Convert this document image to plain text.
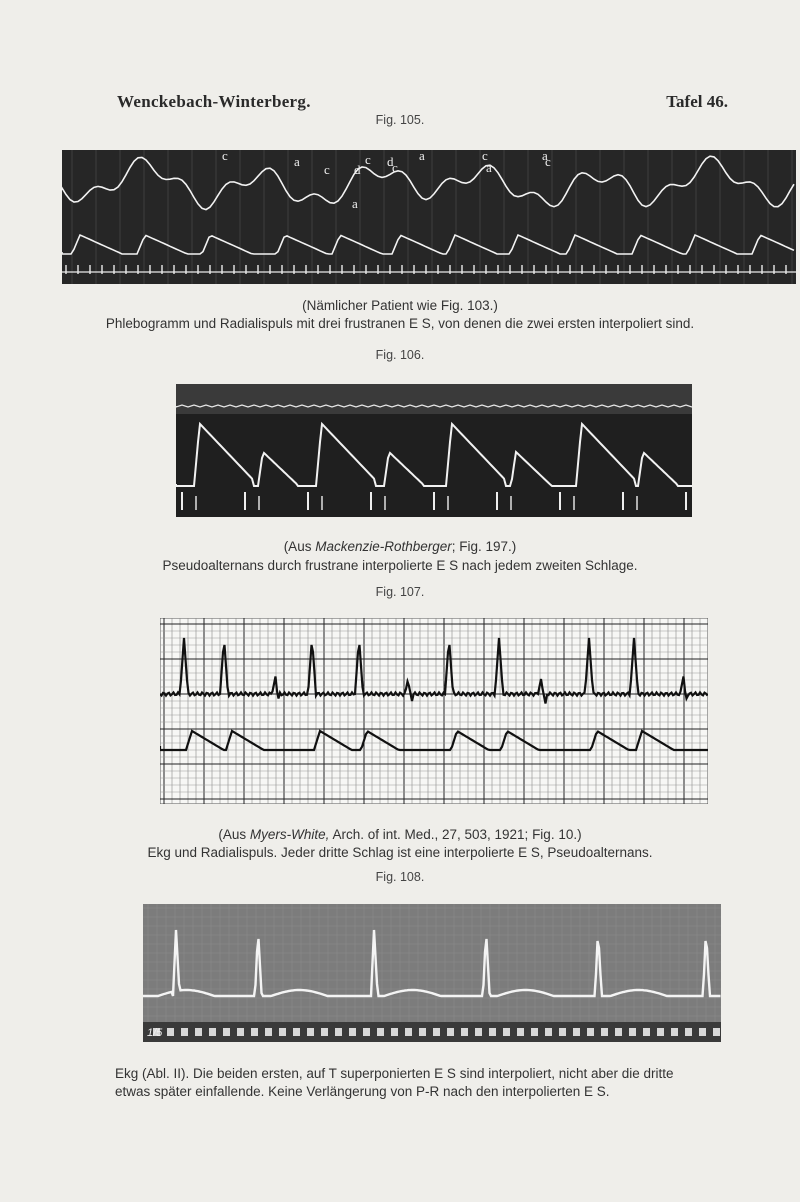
Wenckebach-Winterberg.	Tafel 46.
Fig. 105.
c	a
c d
c
a
d a
c
c
a
a
c
(Nämlicher Patient wie Fig. 103.)
Phlebogramm und Radialispuls mit drei frustranen E S, von denen die zwei ersten interpoliert sind.
Fig. 106.
(Aus Mackenzie-Rothberger; Fig. 197.)
Pseudoalternans durch frustrane interpolierte E S nach jedem zweiten Schlage.
Fig. 107.
(Aus Myers-White, Arch. of int. Med., 27, 503, 1921; Fig. 10.)
Ekg und Radialispuls. Jeder dritte Schlag ist eine interpolierte E S, Pseudoalternans.
Fig. 108.
1/5
Ekg (Abl. II). Die beiden ersten, auf T superponierten E S sind interpoliert, nicht aber die dritte
etwas später einfallende. Keine Verlängerung von P-R nach den interpolierten E S.
